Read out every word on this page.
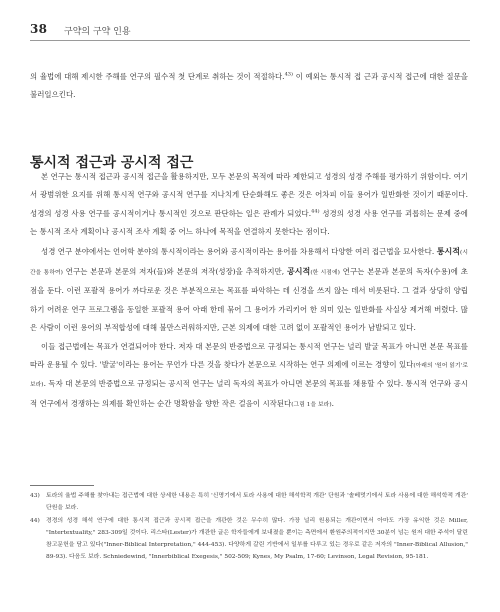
38 구약의 구약 인용

의 율법에 대해 제시한 주해를 연구의 필수적 첫 단계로 취하는 것이 적절하다.$^{43)}$ 이 예외는 통시적 접 근과 공시적 접근에 대한 질문을 불러일으킨다.

통시적 접근과 공시적 접근

본 연구는 통시적 접근과 공시적 접근을 활용하지만, 모두 본문의 목적에 따라 제한되고 성경의 성경 주해를 평가하기 위함이다. 여기서 광범위한 요지를 위해 통시적 연구와 공시적 연구를 지나치게 단순화해도 좋은 것은 어차피 이들 용어가 일반화한 것이기 때문이다. 성경의 성경 사용 연구를 공시적이거나 통시적인 것으로 판단하는 일은 관례가 되었다.$^{44)}$ 성경의 성경 사용 연구를 괴롭히는 문제 중에는 통시적 조사 계획이나 공시적 조사 계획 중 어느 하나에 목적을 연결하지 못한다는 점이다.

성경 연구 분야에서는 언어학 분야의 통시적이라는 용어와 공시적이라는 용어를 차용해서 다양한 여러 접근법을 묘사한다. 통시적(시간을 통하여) 연구는 본문과 본문의 저자(들)와 본문의 저작(성장)을 추적하지만, 공시적(한 시점에) 연구는 본문과 본문의 독자(수용)에 초점을 둔다. 이런 포괄적 용어가 까다로운 것은 부분적으로는 목표를 파악하는 데 신경을 쓰지 않는 데서 비롯된다. 그 결과 상당히 양립하기 어려운 연구 프로그램을 동일한 포괄적 용어 아래 한데 묶어 그 용어가 가리키어 한 의미 있는 일반화를 사실상 제거해 버렸다. 많은 사람이 이런 용어의 부적합성에 대해 불만스러워하지만, 근본 의제에 대한 고려 없이 포괄적인 용어가 남발되고 있다.

이들 접근법에는 목표가 연결되어야 한다. 저자 대 본문의 반증법으로 규정되는 통시적 연구는 널리 발굴 목표가 아니면 본문 목표를 따라 운용될 수 있다. '발굴'이라는 용어는 무언가 다른 것을 찾다가 본문으로 시작하는 연구 의제에 이르는 경향이 있다(아래의 '원어 읽기'로 보라). 독자 대 본문의 반증법으로 규정되는 공시적 연구는 널리 독자의 목표가 아니면 본문의 목표를 채용할 수 있다. 통시적 연구와 공시적 연구에서 경쟁하는 의제를 확인하는 순간 명확함을 향한 작은 걸음이 시작된다(그림 1을 보라).

43) 토라의 율법 주해를 찾아내는 접근법에 대한 상세한 내용은 특히 '신명기에서 토라 사용에 대한 해석학적 개관' 단원과 '솔베멋기에서 토라 사용에 대한 해석학적 개관' 단원을 보라.

44) 경경의 성경 해석 연구에 대한 통시적 접근과 공시적 접근을 개관한 것은 무수히 많다. 가장 널리 원용되는 개관이면서 아마도 가장 유익한 것은 Miller, "Intertextuality," 283-309일 것이다. 리스타(Lester)가 개관한 글은 학자들에게 보내졌을 뿐이는 측면에서 환원주의적이지만 30분이 넘는 원저 대한 주석이 달린 참고문헌을 담고 있다("Inner-Biblical Interpretation," 444-453). 다양하게 갈린 기반에서 일부를 다루고 있는 경우로 같은 저자의 "Inner-Biblical Allusion," 89-93). 다음도 보라. Schniedewind, "Innerbiblical Exegesis," 502-509; Kynes, My Psalm, 17-60; Levinson, Legal Revision, 95-181.
